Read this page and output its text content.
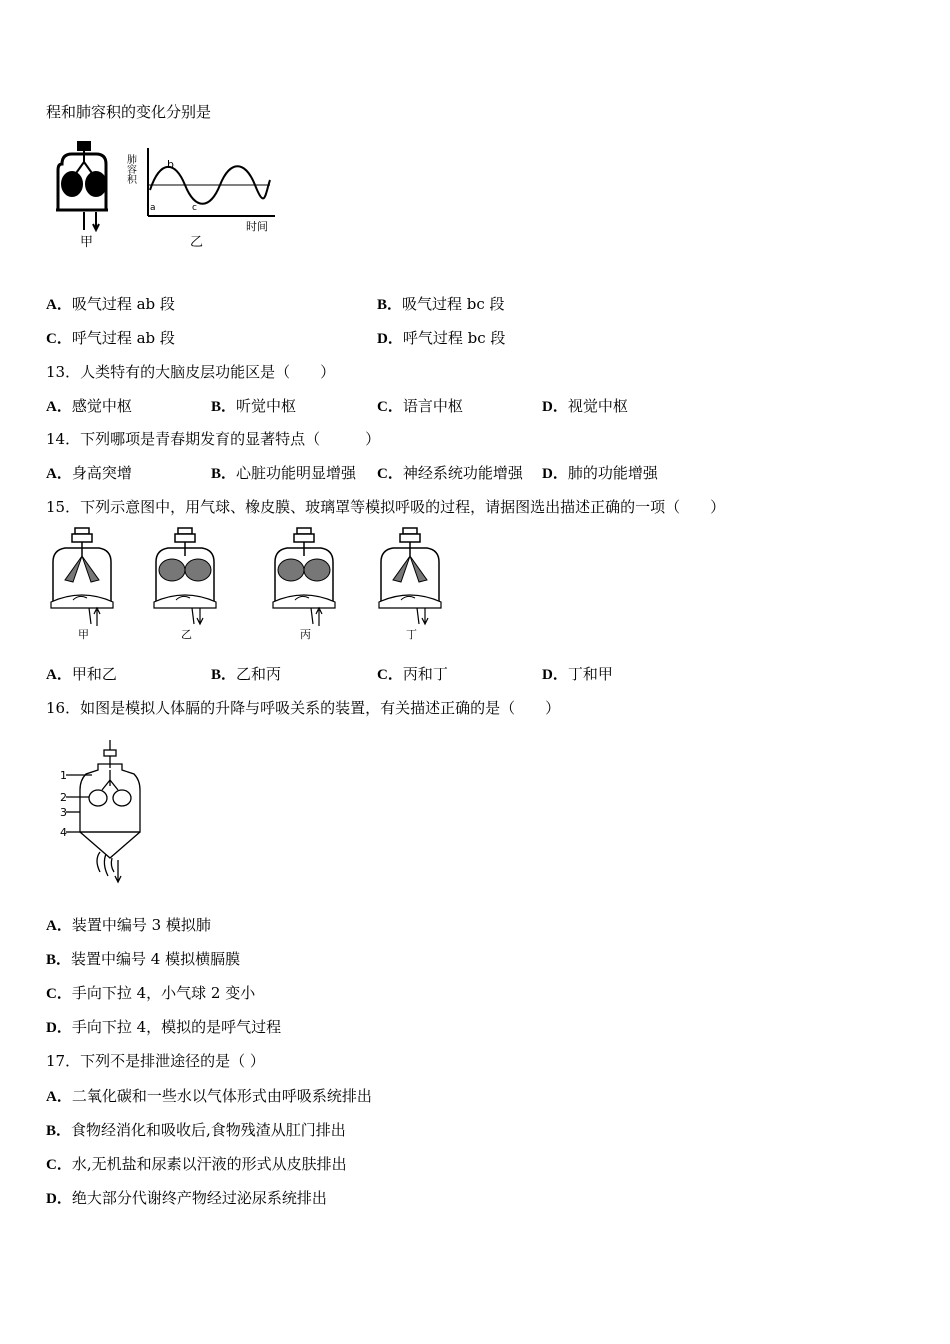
程和肺容积的变化分别是
甲
肺容积
a
b
c
时间
乙
A．吸气过程 ab 段	B．吸气过程 bc 段
C．呼气过程 ab 段	D．呼气过程 bc 段
13．人类特有的大脑皮层功能区是（　　）
A．感觉中枢	B．听觉中枢	C．语言中枢	D．视觉中枢
14．下列哪项是青春期发育的显著特点（　　　）
A．身高突增	B．心脏功能明显增强 C．神经系统功能增强 D．肺的功能增强
15．下列示意图中，用气球、橡皮膜、玻璃罩等模拟呼吸的过程，请据图选出描述正确的一项（　　）
甲	乙	丙	丁
A．甲和乙	B．乙和丙	C．丙和丁	D．丁和甲
16．如图是模拟人体膈的升降与呼吸关系的装置，有关描述正确的是（　　）
1
2
3
4
A．装置中编号 3 模拟肺
B．装置中编号 4 模拟横膈膜
C．手向下拉 4，小气球 2 变小
D．手向下拉 4，模拟的是呼气过程
17．下列不是排泄途径的是（ ）
A．二氧化碳和一些水以气体形式由呼吸系统排出
B．食物经消化和吸收后,食物残渣从肛门排出
C．水,无机盐和尿素以汗液的形式从皮肤排出
D．绝大部分代谢终产物经过泌尿系统排出
